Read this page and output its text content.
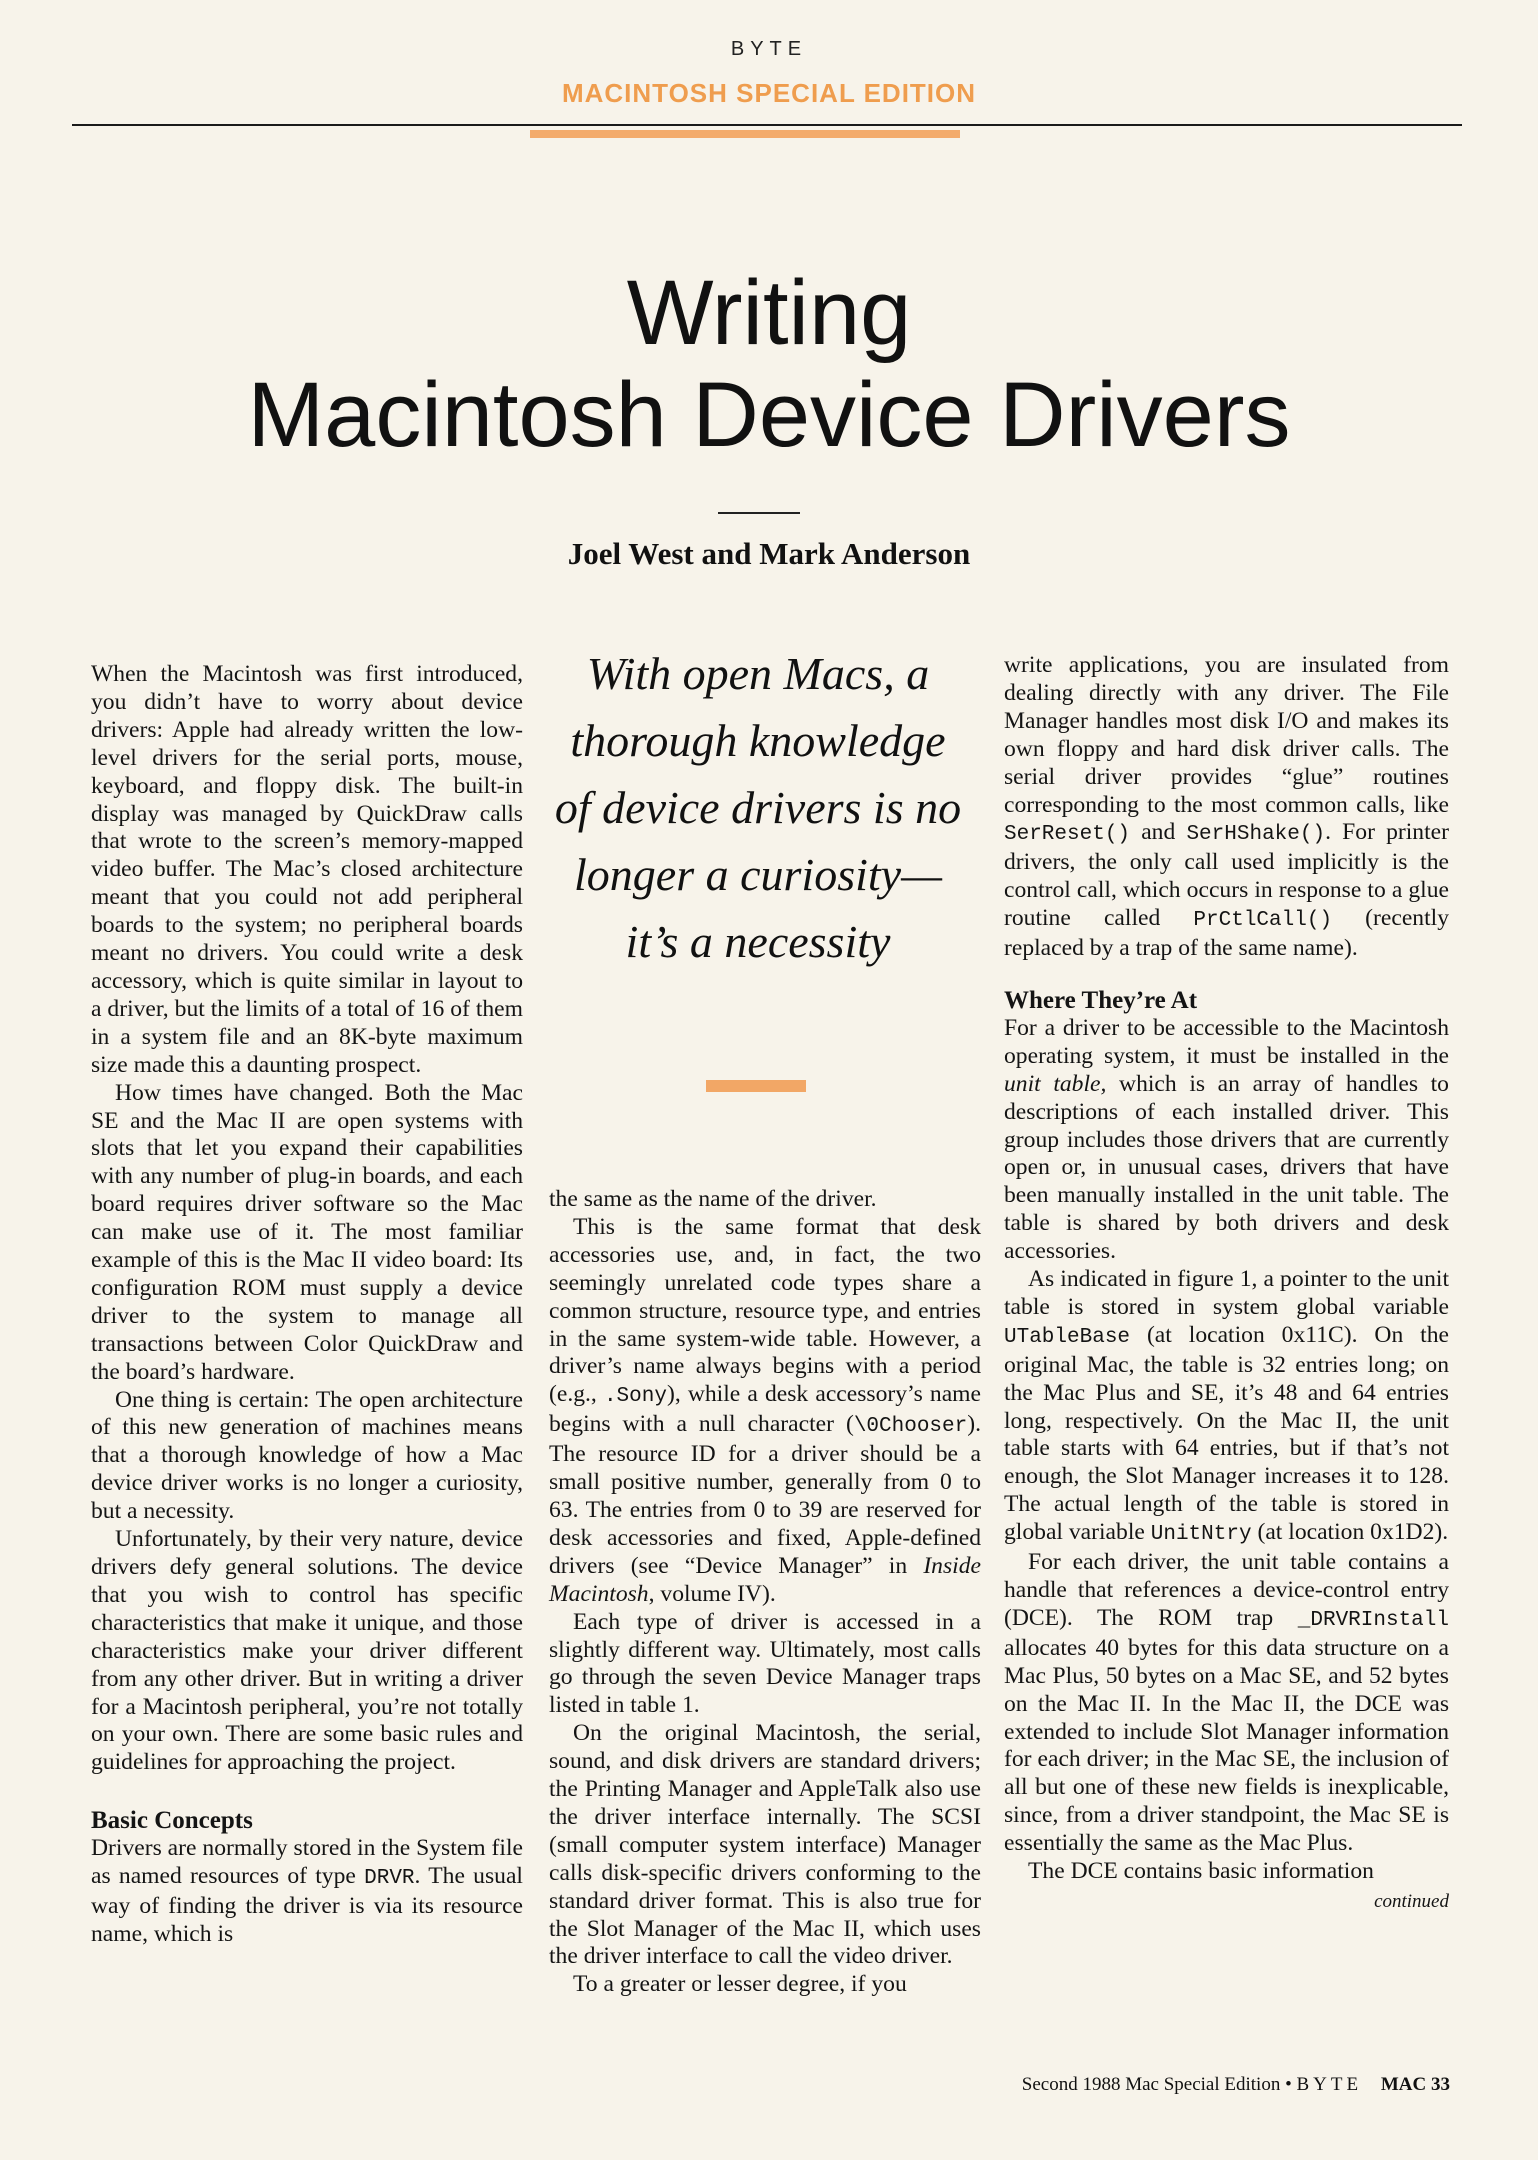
BYTE
MACINTOSH SPECIAL EDITION
Writing
Macintosh Device Drivers
Joel West and Mark Anderson

When the Macintosh was first introduced, you didn’t have to worry about device drivers: Apple had already written the low-level drivers for the serial ports, mouse, keyboard, and floppy disk. The built-in display was managed by QuickDraw calls that wrote to the screen’s memory-mapped video buffer. The Mac’s closed architecture meant that you could not add peripheral boards to the system; no peripheral boards meant no drivers. You could write a desk accessory, which is quite similar in layout to a driver, but the limits of a total of 16 of them in a system file and an 8K-byte maximum size made this a daunting prospect.

How times have changed. Both the Mac SE and the Mac II are open systems with slots that let you expand their capabilities with any number of plug-in boards, and each board requires driver software so the Mac can make use of it. The most familiar example of this is the Mac II video board: Its configuration ROM must supply a device driver to the system to manage all transactions between Color QuickDraw and the board’s hardware.

One thing is certain: The open architecture of this new generation of machines means that a thorough knowledge of how a Mac device driver works is no longer a curiosity, but a necessity.

Unfortunately, by their very nature, device drivers defy general solutions. The device that you wish to control has specific characteristics that make it unique, and those characteristics make your driver different from any other driver. But in writing a driver for a Macintosh peripheral, you’re not totally on your own. There are some basic rules and guidelines for approaching the project.

Basic Concepts

Drivers are normally stored in the System file as named resources of type DRVR. The usual way of finding the driver is via its resource name, which is

With open Macs, a thorough knowledge of device drivers is no longer a curiosity—it’s a necessity

the same as the name of the driver.

This is the same format that desk accessories use, and, in fact, the two seemingly unrelated code types share a common structure, resource type, and entries in the same system-wide table. However, a driver’s name always begins with a period (e.g., .Sony), while a desk accessory’s name begins with a null character (\0Chooser). The resource ID for a driver should be a small positive number, generally from 0 to 63. The entries from 0 to 39 are reserved for desk accessories and fixed, Apple-defined drivers (see “Device Manager” in Inside Macintosh, volume IV).

Each type of driver is accessed in a slightly different way. Ultimately, most calls go through the seven Device Manager traps listed in table 1.

On the original Macintosh, the serial, sound, and disk drivers are standard drivers; the Printing Manager and AppleTalk also use the driver interface internally. The SCSI (small computer system interface) Manager calls disk-specific drivers conforming to the standard driver format. This is also true for the Slot Manager of the Mac II, which uses the driver interface to call the video driver.

To a greater or lesser degree, if you

write applications, you are insulated from dealing directly with any driver. The File Manager handles most disk I/O and makes its own floppy and hard disk driver calls. The serial driver provides “glue” routines corresponding to the most common calls, like SerReset() and SerHShake(). For printer drivers, the only call used implicitly is the control call, which occurs in response to a glue routine called PrCtlCall() (recently replaced by a trap of the same name).

Where They’re At

For a driver to be accessible to the Macintosh operating system, it must be installed in the unit table, which is an array of handles to descriptions of each installed driver. This group includes those drivers that are currently open or, in unusual cases, drivers that have been manually installed in the unit table. The table is shared by both drivers and desk accessories.

As indicated in figure 1, a pointer to the unit table is stored in system global variable UTableBase (at location 0x11C). On the original Mac, the table is 32 entries long; on the Mac Plus and SE, it’s 48 and 64 entries long, respectively. On the Mac II, the unit table starts with 64 entries, but if that’s not enough, the Slot Manager increases it to 128. The actual length of the table is stored in global variable UnitNtry (at location 0x1D2).

For each driver, the unit table contains a handle that references a device-control entry (DCE). The ROM trap _DRVRInstall allocates 40 bytes for this data structure on a Mac Plus, 50 bytes on a Mac SE, and 52 bytes on the Mac II. In the Mac II, the DCE was extended to include Slot Manager information for each driver; in the Mac SE, the inclusion of all but one of these new fields is inexplicable, since, from a driver standpoint, the Mac SE is essentially the same as the Mac Plus.

The DCE contains basic information

continued

Second 1988 Mac Special Edition • BYTE MAC 33
